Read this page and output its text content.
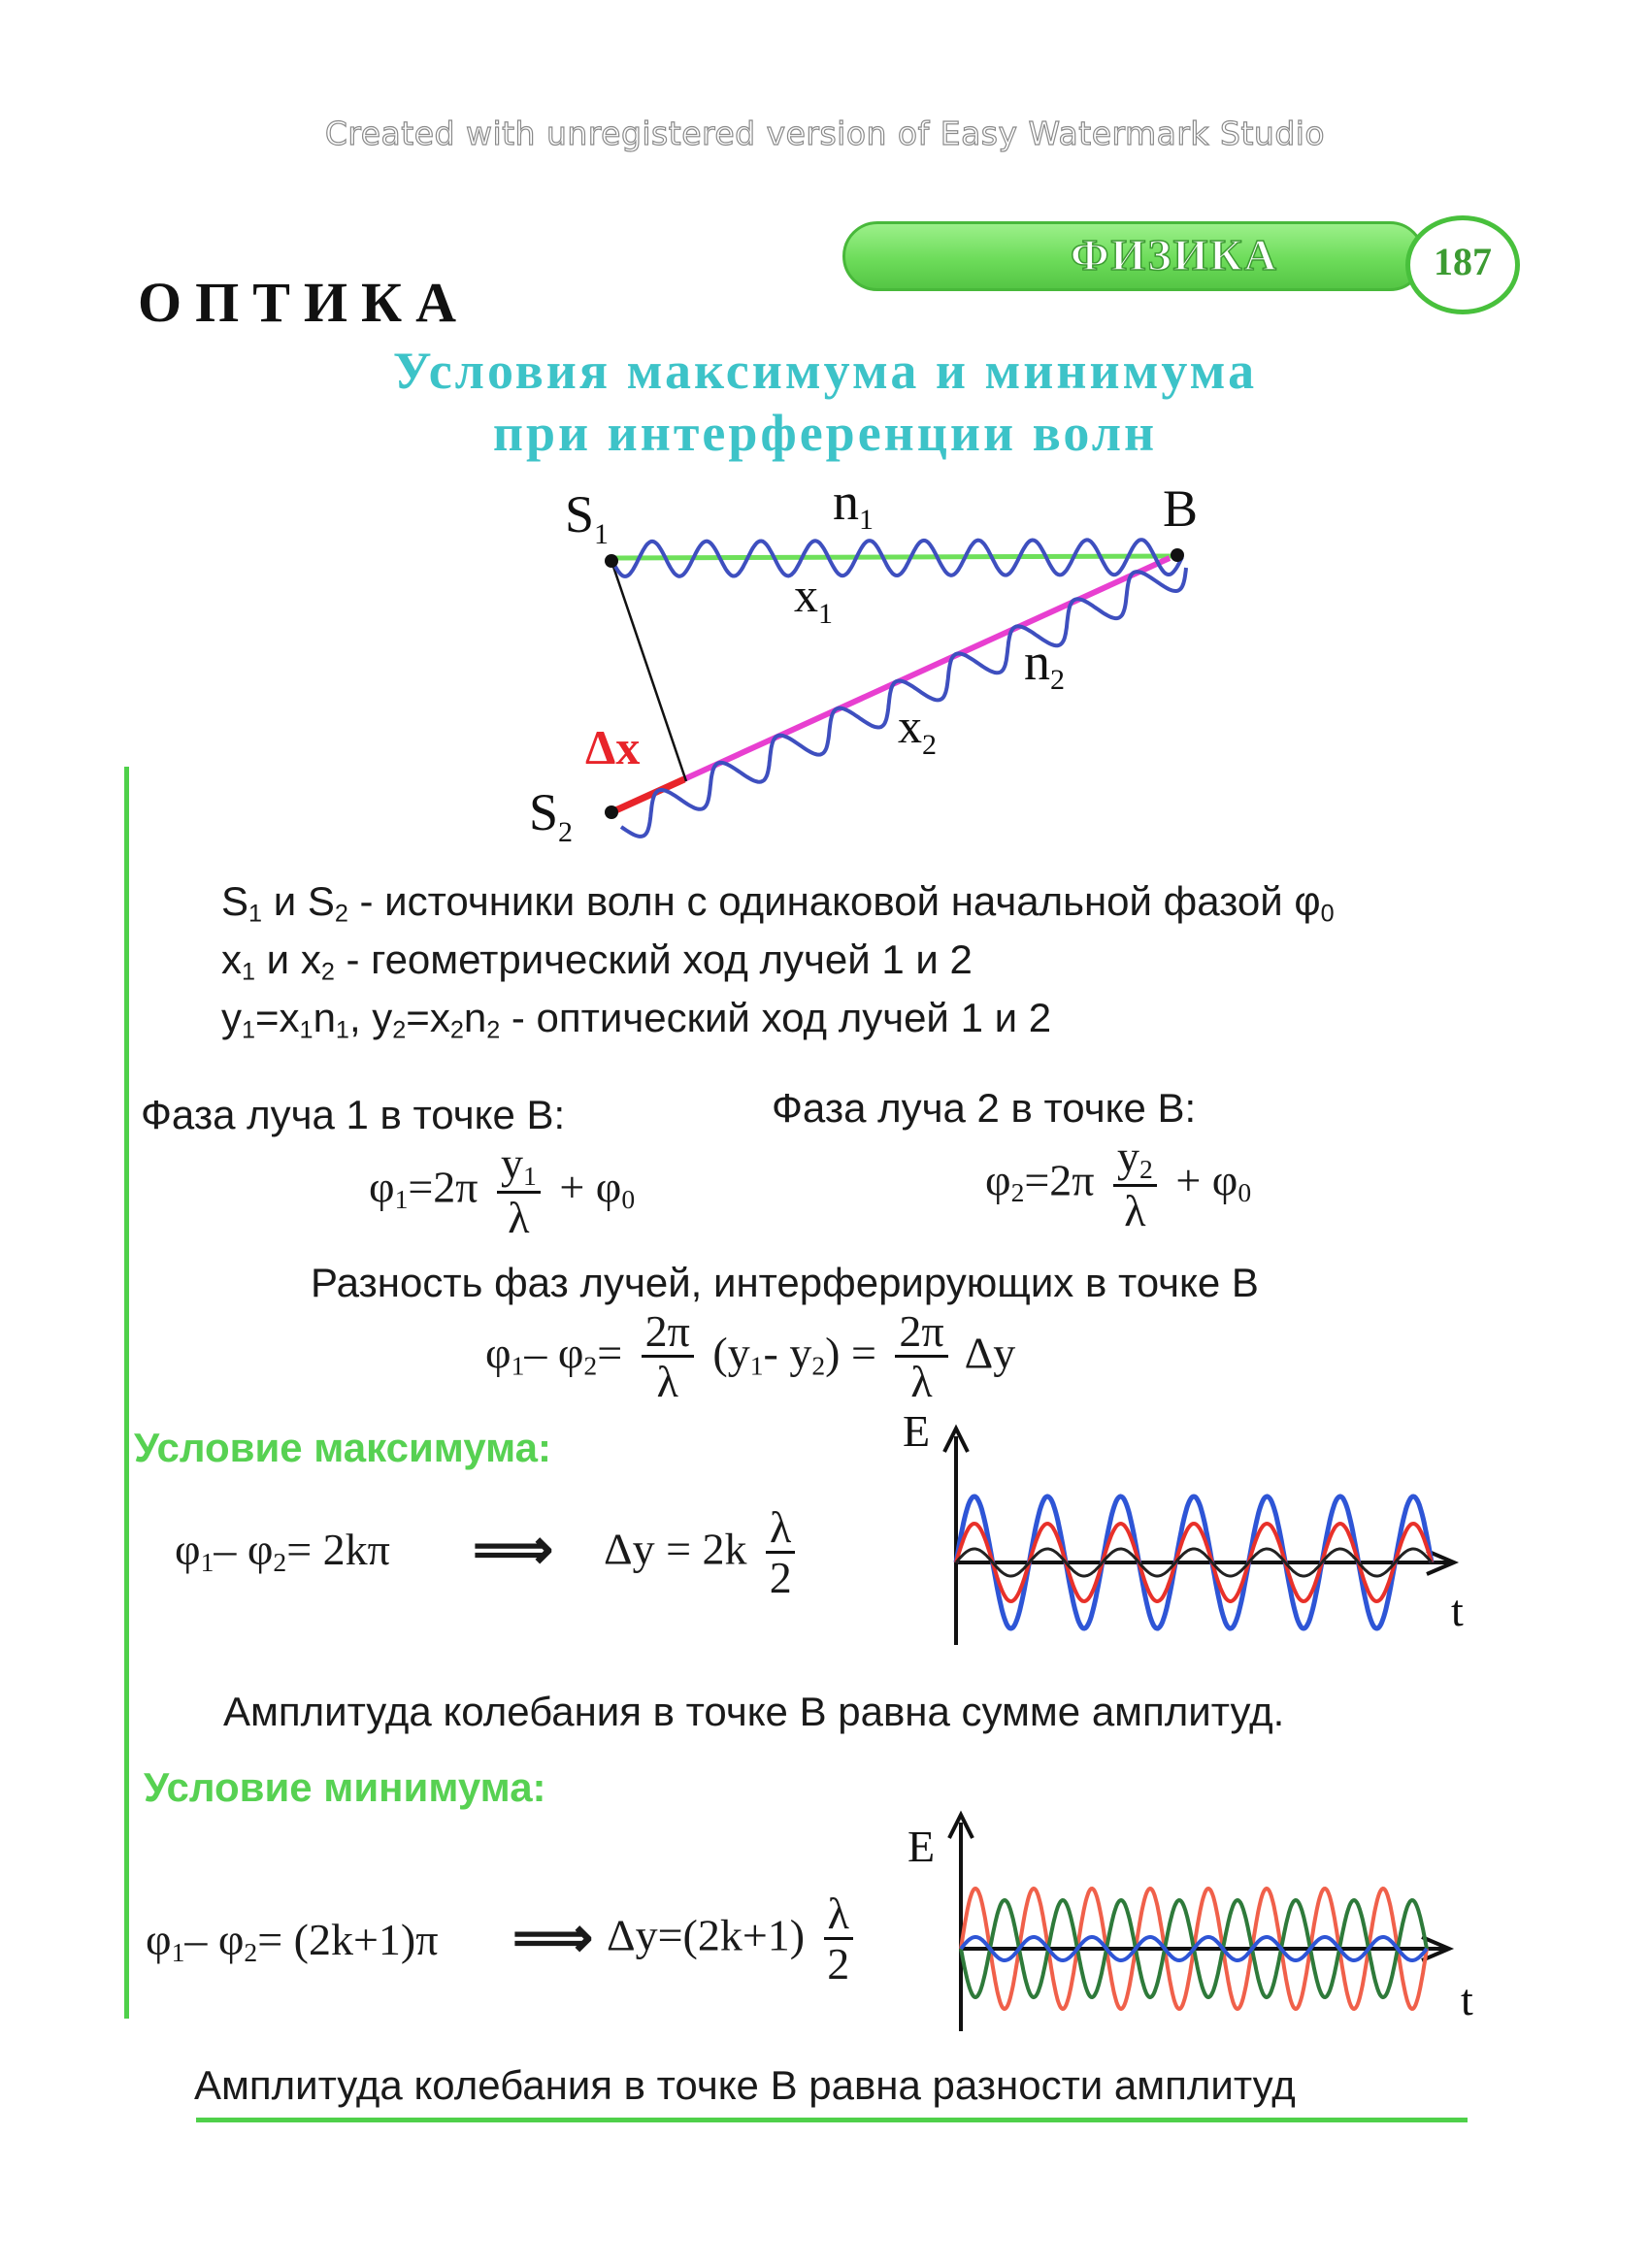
Created with unregistered version of Easy Watermark Studio
ФИЗИКА	187
ОПТИКА
Условия максимума и минимума
при интерференции волн
$S_1$
$S_2$
B
n1
n2
$x_1$
$x_2$
Δx
$S_1$ и $S_2$ - источники волн с одинаковой начальной фазой $\varphi_0$
$x_1$ и $x_2$ - геометрический ход лучей 1 и 2
$y_1=x_1n_1$, $y_2=x_2n_2$ - оптический ход лучей 1 и 2
Фаза луча 1 в точке B:	Фаза луча 2 в точке B:
$\varphi_1=2\pi \frac{y_1}{\lambda} + \varphi_0$	$\varphi_2=2\pi \frac{y_2}{\lambda} + \varphi_0$
Разность фаз лучей, интерферирующих в точке B
$\varphi_1-$ $\varphi_2= \frac{2\pi}{\lambda} (y_1-$ $y_2) = \frac{2\pi}{\lambda}$ Δy
Условие максимума:
$\varphi_1-$ $\varphi_2= 2k\pi$ ⟹ $\Delta y = 2k \frac{\lambda}{2}$
E
t
Амплитуда колебания в точке B равна сумме амплитуд.
Условие минимума:
$\varphi_1-$ $\varphi_2= (2k+1)\pi$ ⟹ $\Delta y=(2k+1) \frac{\lambda}{2}$
E
t
Амплитуда колебания в точке B равна разности амплитуд
